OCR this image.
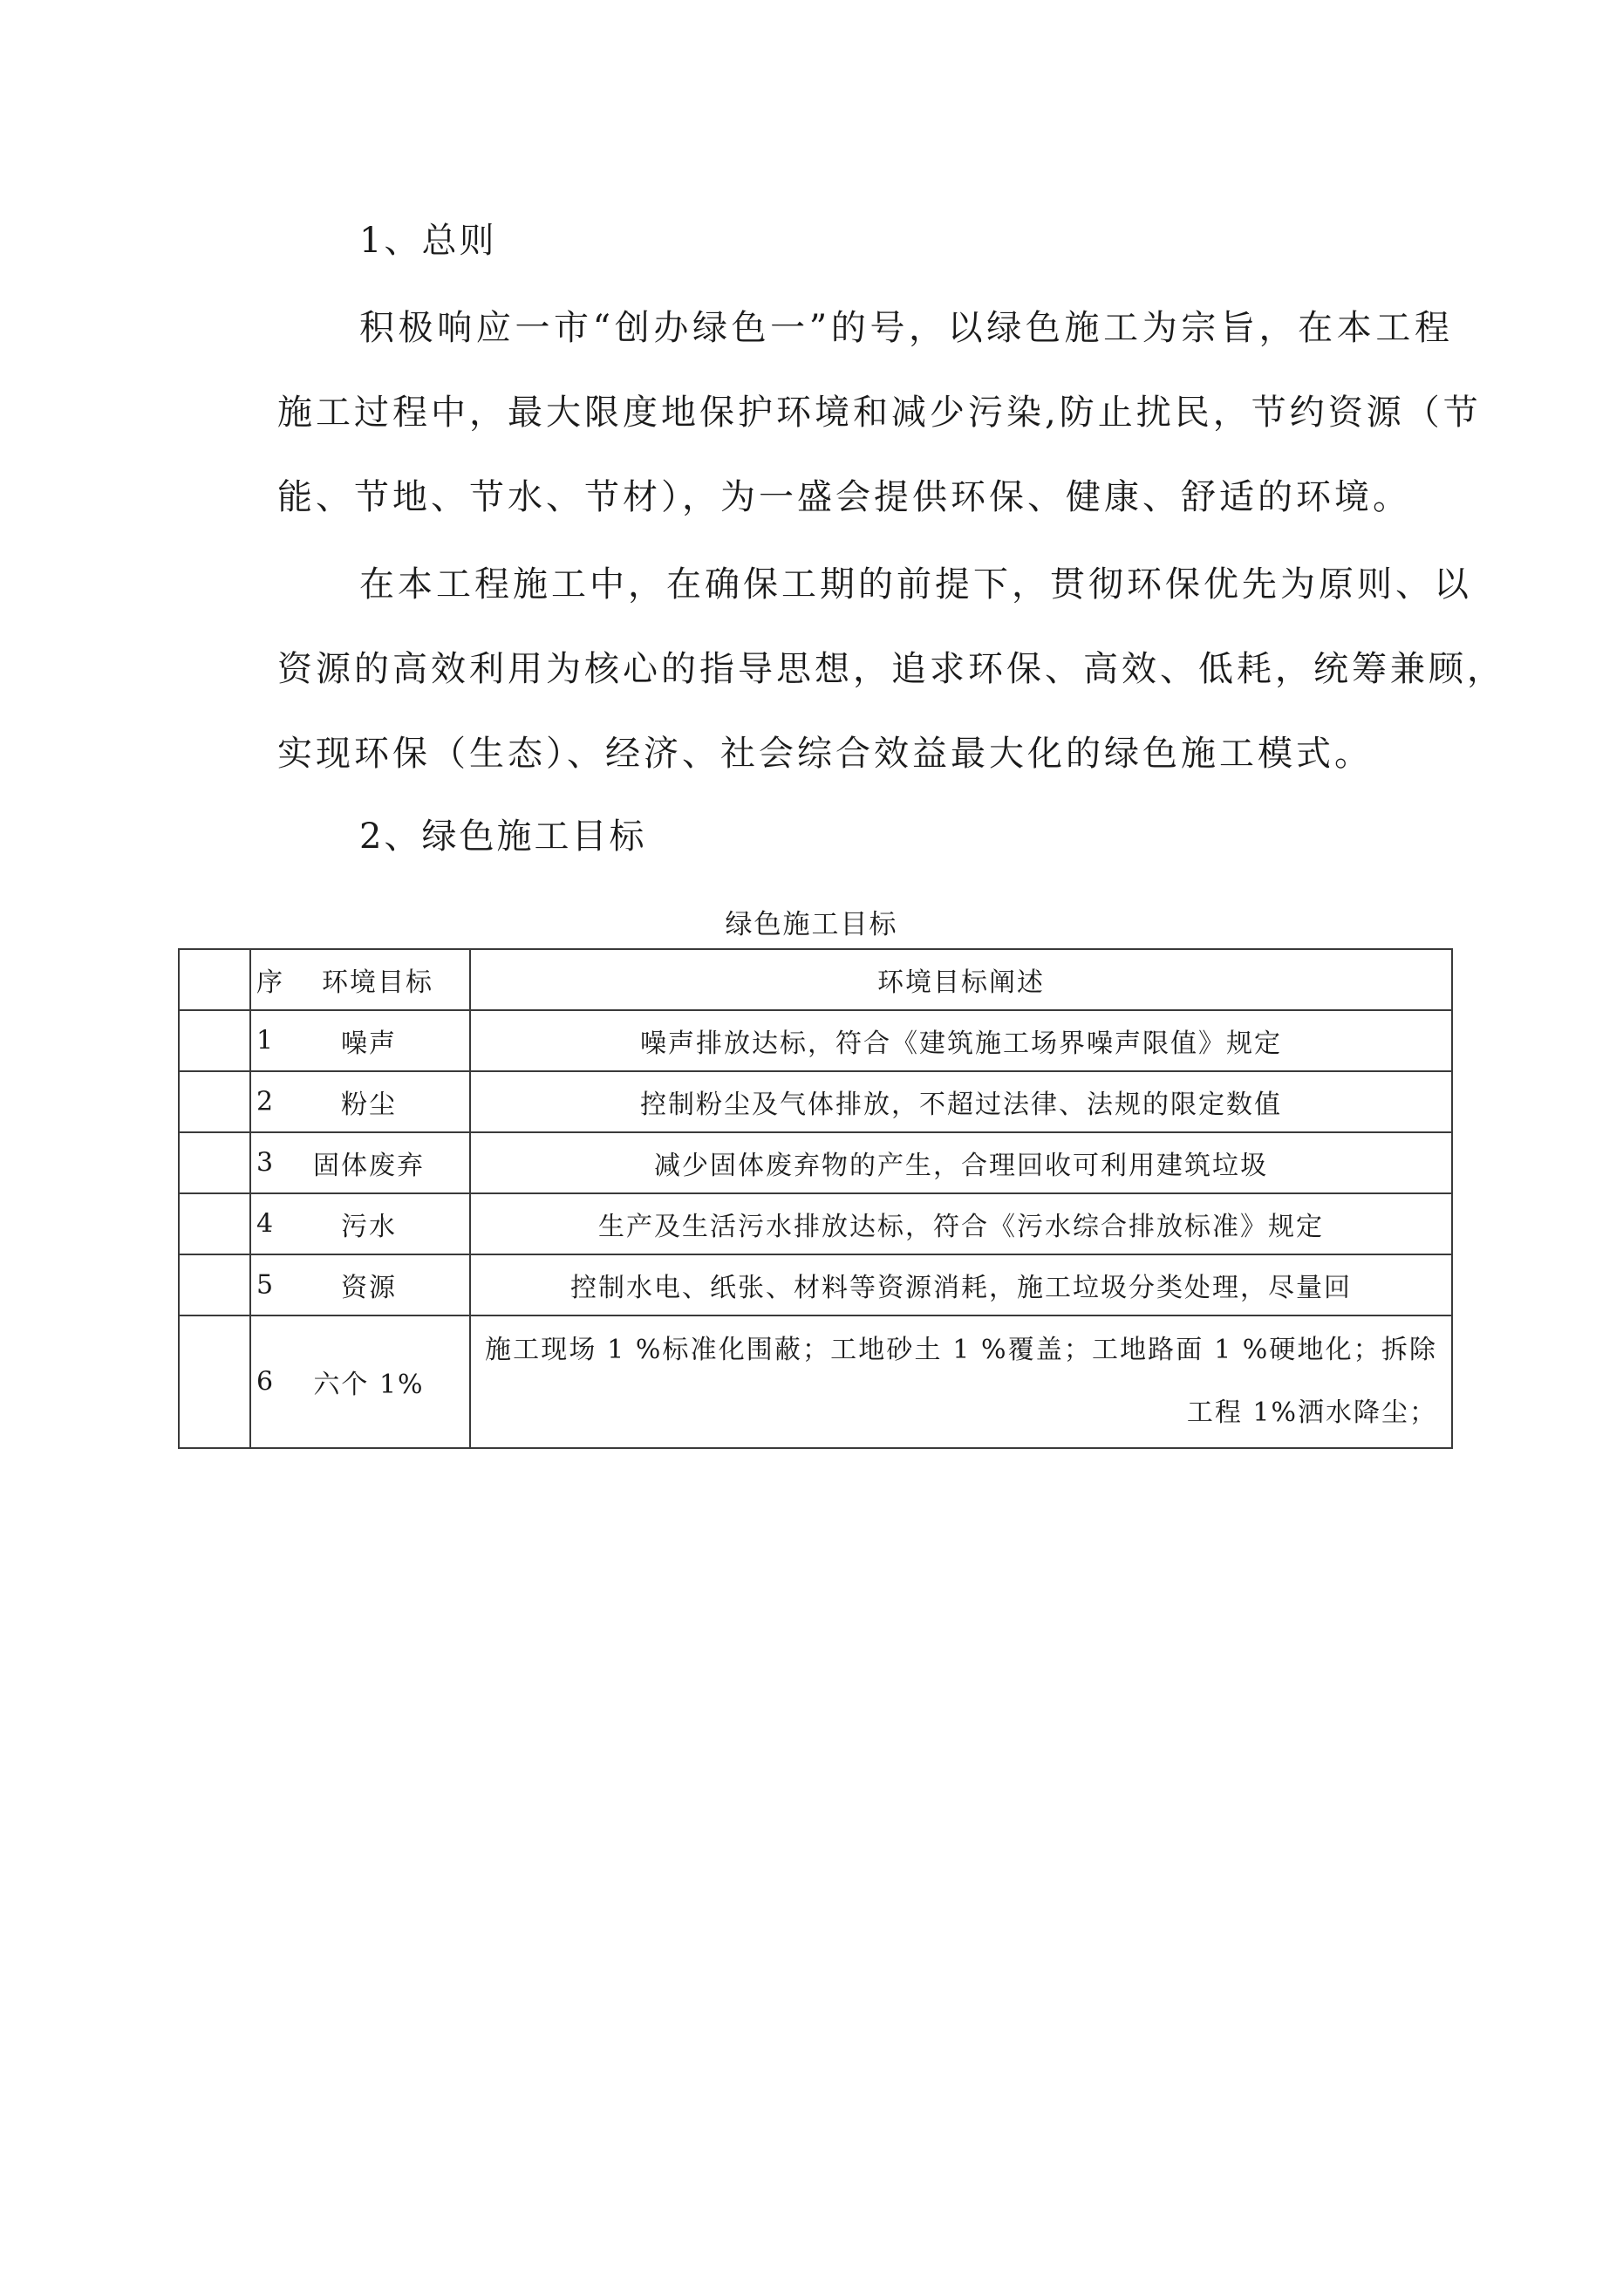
1、总则
积极响应一市“创办绿色一”的号，以绿色施工为宗旨，在本工程
施工过程中，最大限度地保护环境和减少污染,防止扰民，节约资源（节
能、节地、节水、节材），为一盛会提供环保、健康、舒适的环境。
在本工程施工中，在确保工期的前提下，贯彻环保优先为原则、以
资源的高效利用为核心的指导思想，追求环保、高效、低耗，统筹兼顾，
实现环保（生态）、经济、社会综合效益最大化的绿色施工模式。
2、绿色施工目标

绿色施工目标

	序 环境目标	环境目标阐述

	1 噪声	噪声排放达标，符合《建筑施工场界噪声限值》规定

	2 粉尘	控制粉尘及气体排放，不超过法律、法规的限定数值

	3 固体废弃	减少固体废弃物的产生，合理回收可利用建筑垃圾

	4 污水	生产及生活污水排放达标，符合《污水综合排放标准》规定

	5 资源	控制水电、纸张、材料等资源消耗，施工垃圾分类处理，尽量回

	6 六个 1%	施工现场 1 %标准化围蔽；工地砂土 1 %覆盖；工地路面 1 %硬地化；拆除工程 1%洒水降尘；
